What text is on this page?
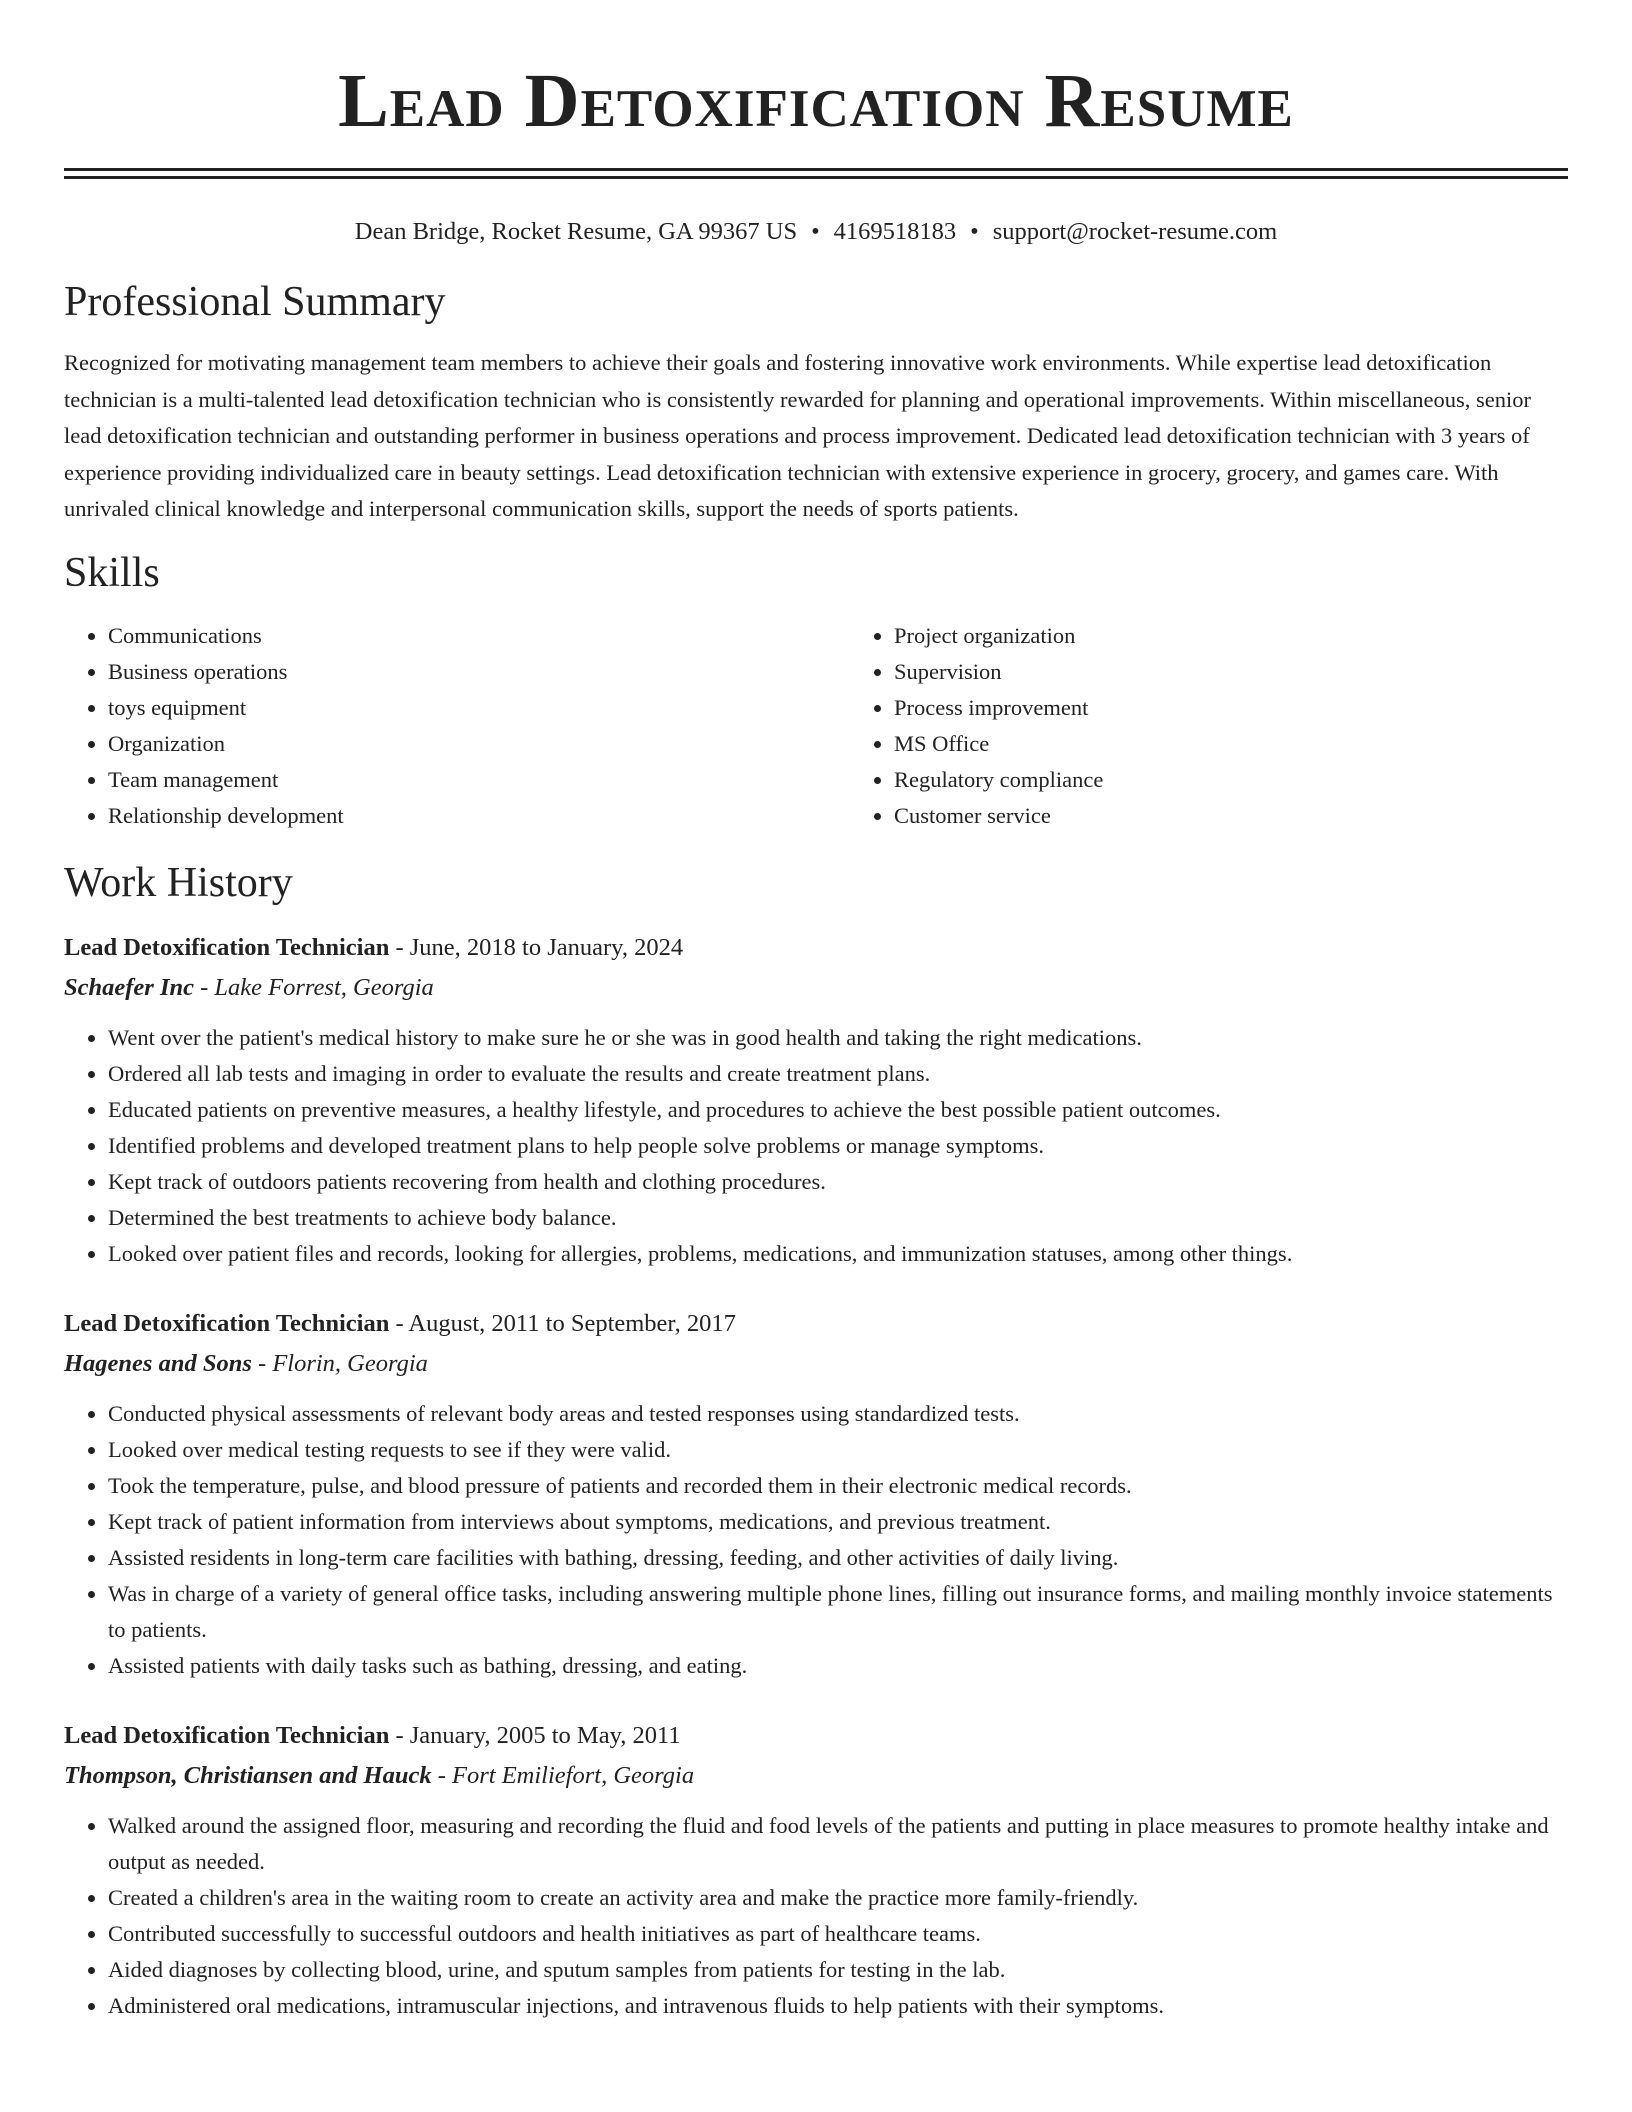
Lead Detoxification Resume
Dean Bridge, Rocket Resume, GA 99367 US • 4169518183 • support@rocket-resume.com
Professional Summary

Recognized for motivating management team members to achieve their goals and fostering innovative work environments. While expertise lead detoxification technician is a multi-talented lead detoxification technician who is consistently rewarded for planning and operational improvements. Within miscellaneous, senior lead detoxification technician and outstanding performer in business operations and process improvement. Dedicated lead detoxification technician with 3 years of experience providing individualized care in beauty settings. Lead detoxification technician with extensive experience in grocery, grocery, and games care. With unrivaled clinical knowledge and interpersonal communication skills, support the needs of sports patients.

Skills
• Communications
• Business operations
• toys equipment
• Organization
• Team management
• Relationship development
• Project organization
• Supervision
• Process improvement
• MS Office
• Regulatory compliance
• Customer service
Work History
Lead Detoxification Technician - June, 2018 to January, 2024
Schaefer Inc - Lake Forrest, Georgia
• Went over the patient's medical history to make sure he or she was in good health and taking the right medications.
• Ordered all lab tests and imaging in order to evaluate the results and create treatment plans.
• Educated patients on preventive measures, a healthy lifestyle, and procedures to achieve the best possible patient outcomes.
• Identified problems and developed treatment plans to help people solve problems or manage symptoms.
• Kept track of outdoors patients recovering from health and clothing procedures.
• Determined the best treatments to achieve body balance.
• Looked over patient files and records, looking for allergies, problems, medications, and immunization statuses, among other things.
Lead Detoxification Technician - August, 2011 to September, 2017
Hagenes and Sons - Florin, Georgia
• Conducted physical assessments of relevant body areas and tested responses using standardized tests.
• Looked over medical testing requests to see if they were valid.
• Took the temperature, pulse, and blood pressure of patients and recorded them in their electronic medical records.
• Kept track of patient information from interviews about symptoms, medications, and previous treatment.
• Assisted residents in long-term care facilities with bathing, dressing, feeding, and other activities of daily living.
• Was in charge of a variety of general office tasks, including answering multiple phone lines, filling out insurance forms, and mailing monthly invoice statements to patients.
• Assisted patients with daily tasks such as bathing, dressing, and eating.
Lead Detoxification Technician - January, 2005 to May, 2011
Thompson, Christiansen and Hauck - Fort Emiliefort, Georgia
• Walked around the assigned floor, measuring and recording the fluid and food levels of the patients and putting in place measures to promote healthy intake and output as needed.
• Created a children's area in the waiting room to create an activity area and make the practice more family-friendly.
• Contributed successfully to successful outdoors and health initiatives as part of healthcare teams.
• Aided diagnoses by collecting blood, urine, and sputum samples from patients for testing in the lab.
• Administered oral medications, intramuscular injections, and intravenous fluids to help patients with their symptoms.
